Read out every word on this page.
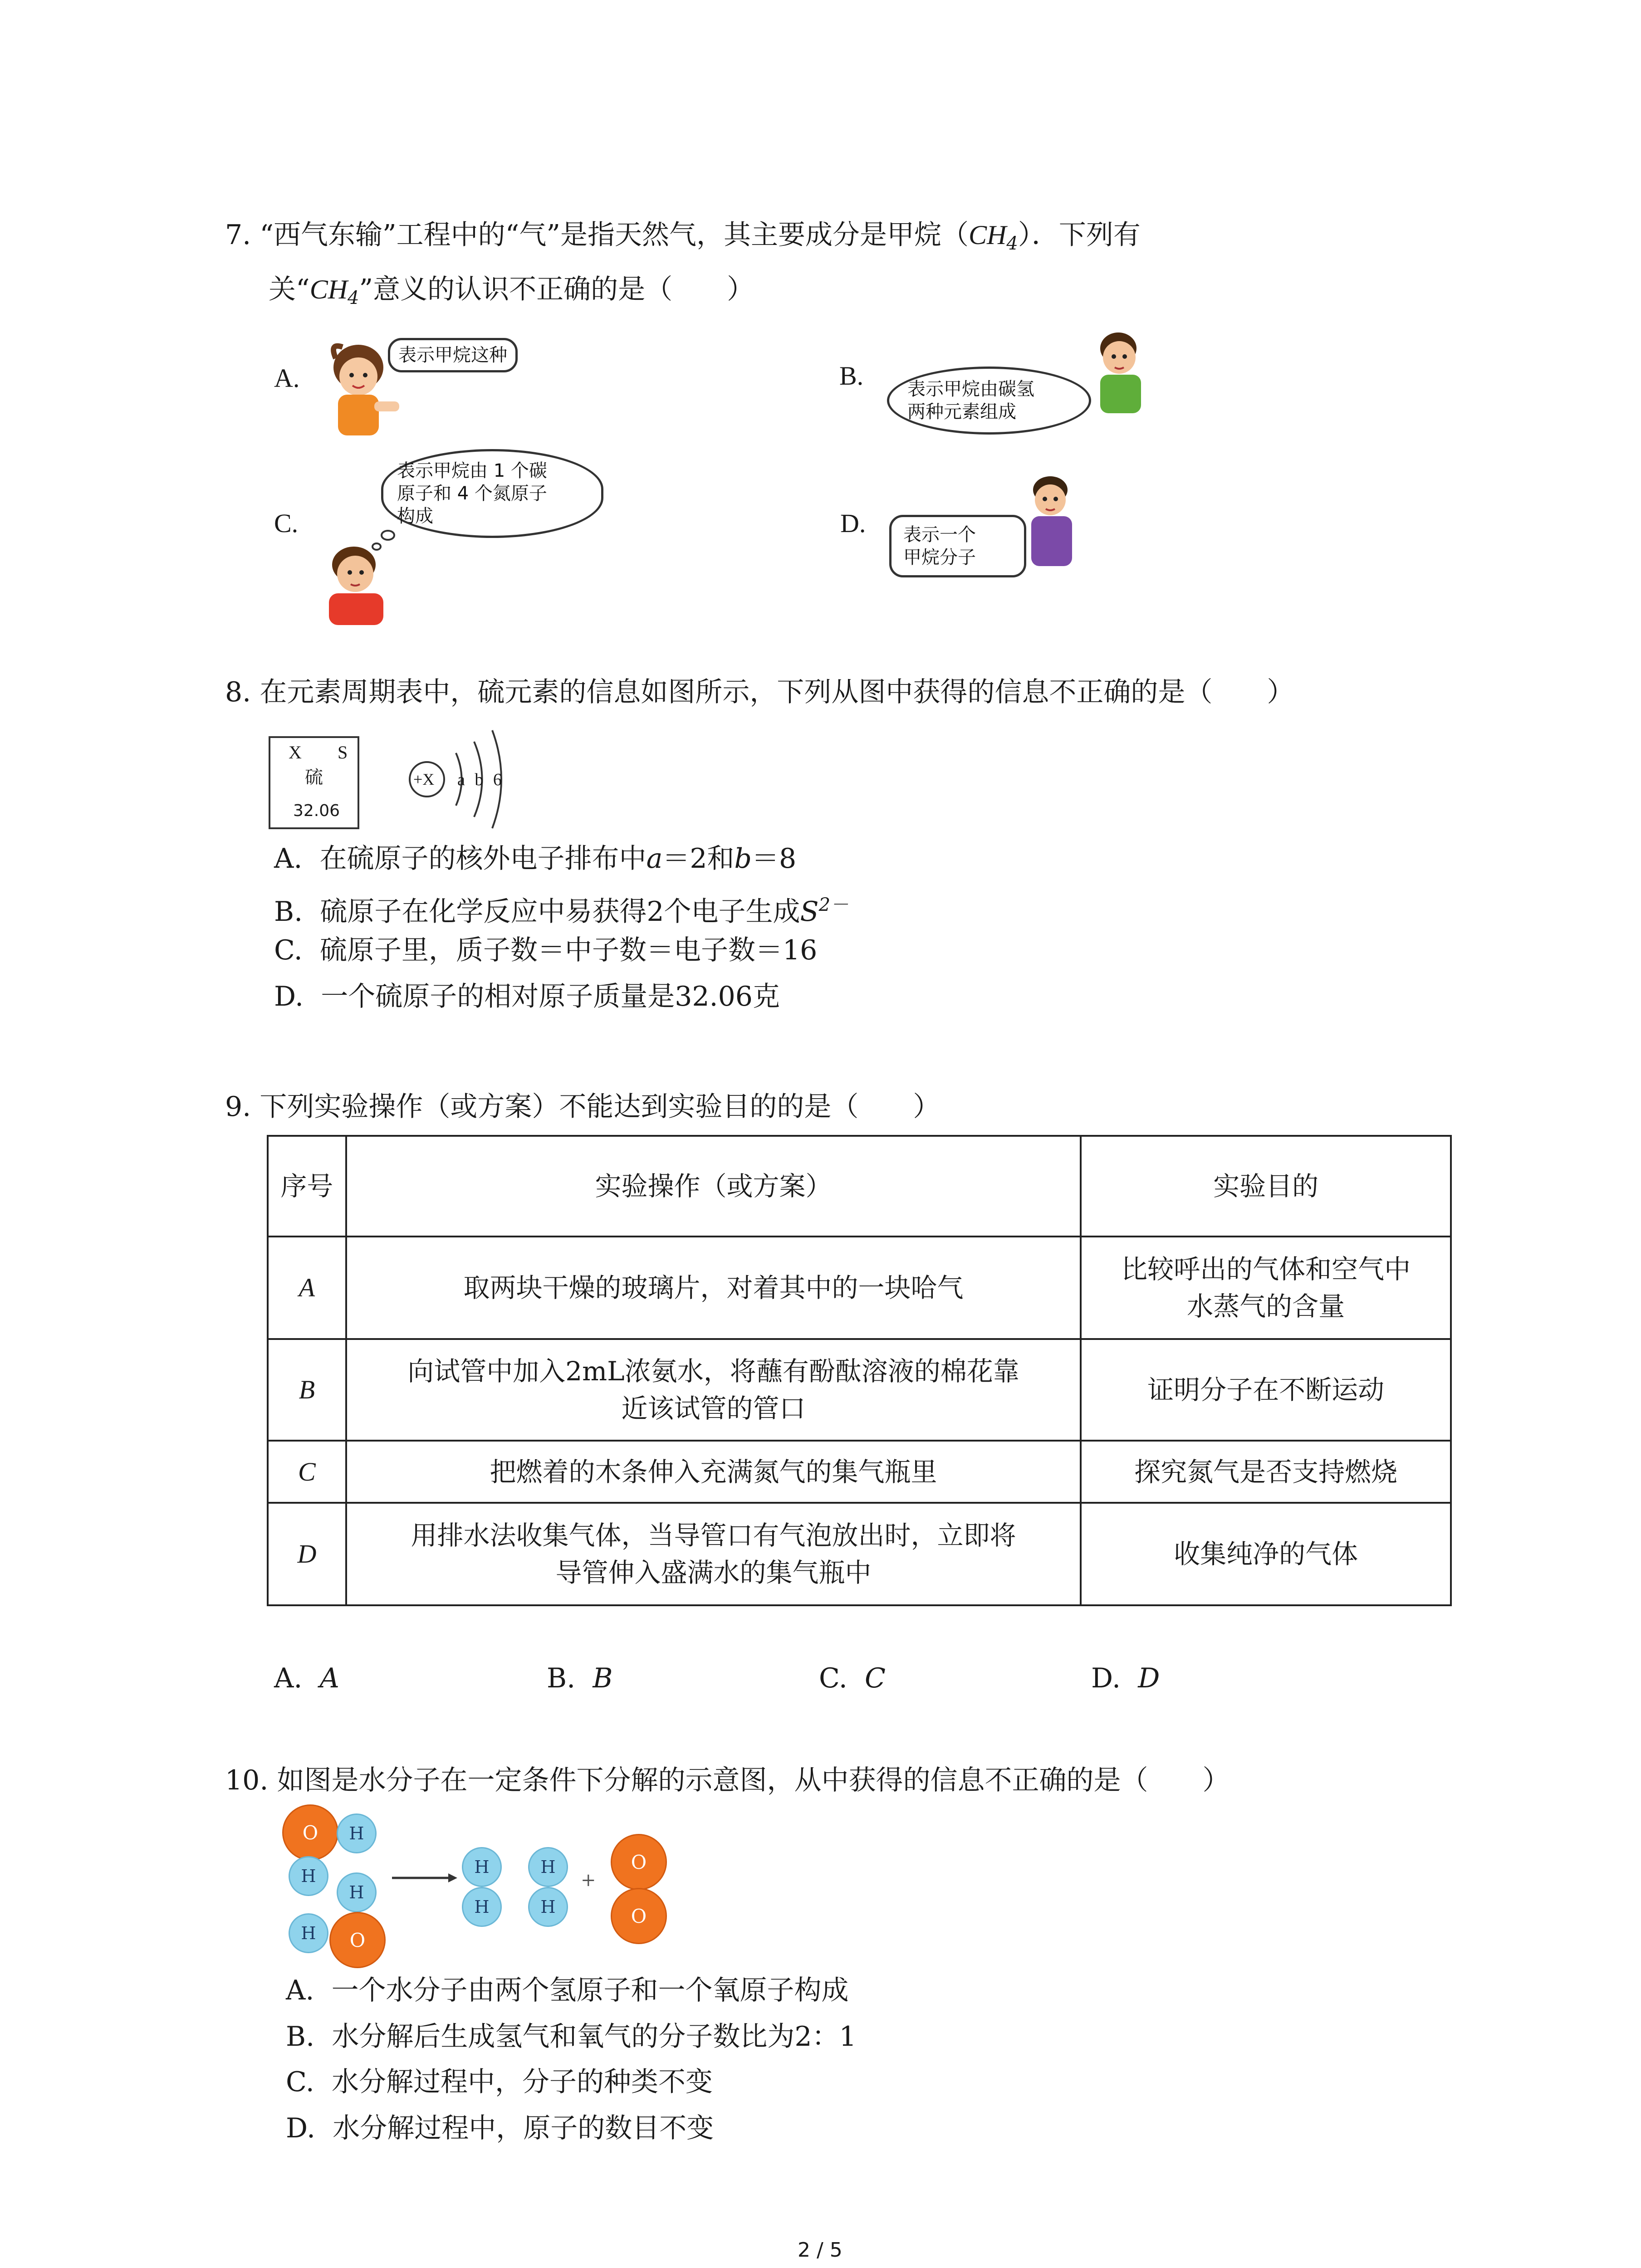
7. “西气东输”工程中的“气”是指天然气，其主要成分是甲烷$(CH_4)$．下列有
关“$CH_4$”意义的认识不正确的是（　　）
A.
表示甲烷这种
B. 表示甲烷由碳氢
两种元素组成
C.
表示甲烷由 1 个碳
原子和 4 个氮原子
构成	D. 表示一个
甲烷分子
8. 在元素周期表中，硫元素的信息如图所示，下列从图中获得的信息不正确的是（　　）
X S
硫
32.06
+X a b 6
A. 在硫原子的核外电子排布中a＝2和b＝8
B. 硫原子在化学反应中易获得2个电子生成$S^{2-}$
C. 硫原子里，质子数＝中子数＝电子数＝16
D. 一个硫原子的相对原子质量是32.06克
9. 下列实验操作（或方案）不能达到实验目的的是（　　）
序号	实验操作（或方案）	实验目的
A	取两块干燥的玻璃片，对着其中的一块哈气	比较呼出的气体和空气中
水蒸气的含量

B	向试管中加入2mL浓氨水，将蘸有酚酞溶液的棉花靠
近该试管的管口	证明分子在不断运动

C	把燃着的木条伸入充满氮气的集气瓶里	探究氮气是否支持燃烧

D	用排水法收集气体，当导管口有气泡放出时，立即将
导管伸入盛满水的集气瓶中	收集纯净的气体
A. A	B. B	C. C	D. D
10. 如图是水分子在一定条件下分解的示意图，从中获得的信息不正确的是（　　）
O	H
H
H
H	O
H
H
H
H
+
O
O
A. 一个水分子由两个氢原子和一个氧原子构成
B. 水分解后生成氢气和氧气的分子数比为2：1
C. 水分解过程中，分子的种类不变
D. 水分解过程中，原子的数目不变
2 / 5
